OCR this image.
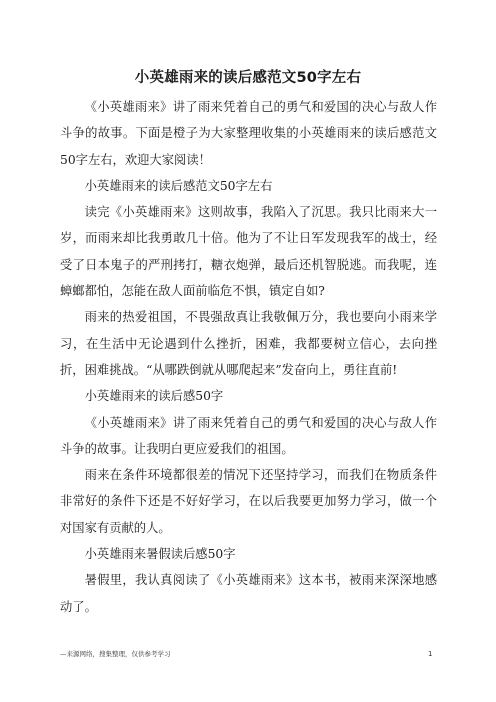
小英雄雨来的读后感范文50字左右

《小英雄雨来》讲了雨来凭着自己的勇气和爱国的决心与敌人作斗争的故事。下面是橙子为大家整理收集的小英雄雨来的读后感范文50字左右，欢迎大家阅读！

小英雄雨来的读后感范文50字左右

读完《小英雄雨来》这则故事，我陷入了沉思。我只比雨来大一岁，而雨来却比我勇敢几十倍。他为了不让日军发现我军的战士，经受了日本鬼子的严刑拷打，糖衣炮弹，最后还机智脱逃。而我呢，连蟑螂都怕，怎能在敌人面前临危不惧，镇定自如?

雨来的热爱祖国，不畏强敌真让我敬佩万分，我也要向小雨来学习，在生活中无论遇到什么挫折，困难，我都要树立信心，去向挫折，困难挑战。“从哪跌倒就从哪爬起来”发奋向上，勇往直前!

小英雄雨来的读后感50字

《小英雄雨来》讲了雨来凭着自己的勇气和爱国的决心与敌人作斗争的故事。让我明白更应爱我们的祖国。

雨来在条件环境都很差的情况下还坚持学习，而我们在物质条件非常好的条件下还是不好好学习，在以后我要更加努力学习，做一个对国家有贡献的人。

小英雄雨来暑假读后感50字

暑假里，我认真阅读了《小英雄雨来》这本书，被雨来深深地感动了。

—来源网络，搜集整理，仅供参考学习	1
